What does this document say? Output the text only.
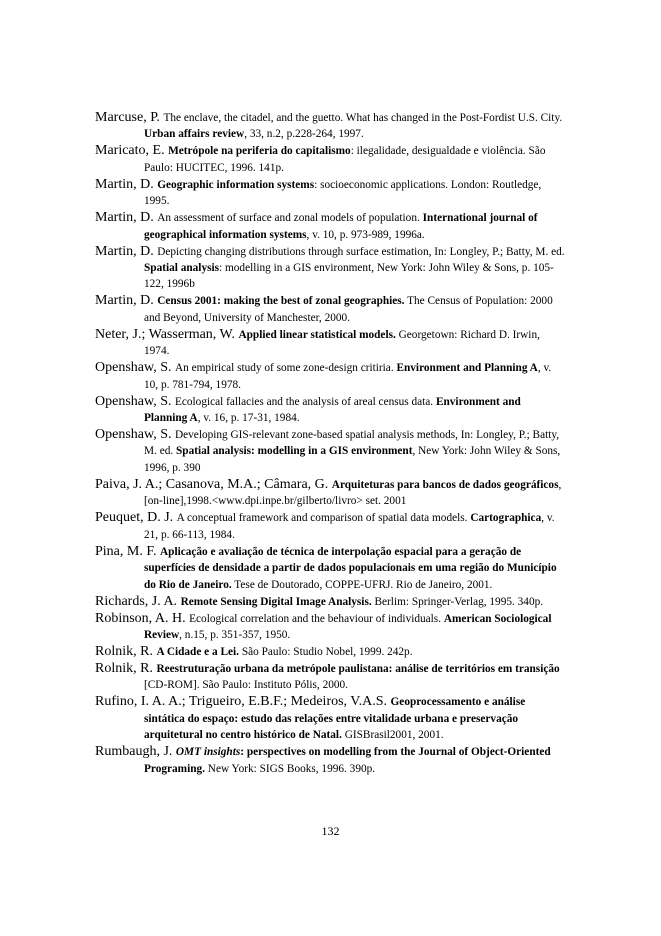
Marcuse, P. The enclave, the citadel, and the guetto. What has changed in the Post-Fordist U.S. City. Urban affairs review, 33, n.2, p.228-264, 1997.

Maricato, E. Metrópole na periferia do capitalismo: ilegalidade, desigualdade e violência. São Paulo: HUCITEC, 1996. 141p.

Martin, D. Geographic information systems: socioeconomic applications. London: Routledge, 1995.

Martin, D. An assessment of surface and zonal models of population. International journal of geographical information systems, v. 10, p. 973-989, 1996a.

Martin, D. Depicting changing distributions through surface estimation, In: Longley, P.; Batty, M. ed. Spatial analysis: modelling in a GIS environment, New York: John Wiley & Sons, p. 105-122, 1996b

Martin, D. Census 2001: making the best of zonal geographies. The Census of Population: 2000 and Beyond, University of Manchester, 2000.

Neter, J.; Wasserman, W. Applied linear statistical models. Georgetown: Richard D. Irwin, 1974.

Openshaw, S. An empirical study of some zone-design critiria. Environment and Planning A, v. 10, p. 781-794, 1978.

Openshaw, S. Ecological fallacies and the analysis of areal census data. Environment and Planning A, v. 16, p. 17-31, 1984.

Openshaw, S. Developing GIS-relevant zone-based spatial analysis methods, In: Longley, P.; Batty, M. ed. Spatial analysis: modelling in a GIS environment, New York: John Wiley & Sons, 1996, p. 390

Paiva, J. A.; Casanova, M.A.; Câmara, G. Arquiteturas para bancos de dados geográficos,[on-line],1998.<www.dpi.inpe.br/gilberto/livro> set. 2001

Peuquet, D. J. A conceptual framework and comparison of spatial data models. Cartographica, v. 21, p. 66-113, 1984.

Pina, M. F. Aplicação e avaliação de técnica de interpolação espacial para a geração de superfícies de densidade a partir de dados populacionais em uma região do Município do Rio de Janeiro. Tese de Doutorado, COPPE-UFRJ. Rio de Janeiro, 2001.

Richards, J. A. Remote Sensing Digital Image Analysis. Berlim: Springer-Verlag, 1995. 340p.

Robinson, A. H. Ecological correlation and the behaviour of individuals. American Sociological Review, n.15, p. 351-357, 1950.

Rolnik, R. A Cidade e a Lei. São Paulo: Studio Nobel, 1999. 242p.

Rolnik, R. Reestruturação urbana da metrópole paulistana: análise de territórios em transição [CD-ROM]. São Paulo: Instituto Pólis, 2000.

Rufino, I. A. A.; Trigueiro, E.B.F.; Medeiros, V.A.S. Geoprocessamento e análise sintática do espaço: estudo das relações entre vitalidade urbana e preservação arquitetural no centro histórico de Natal. GISBrasil2001, 2001.

Rumbaugh, J. OMT insights: perspectives on modelling from the Journal of Object-Oriented Programing. New York: SIGS Books, 1996. 390p.

132
